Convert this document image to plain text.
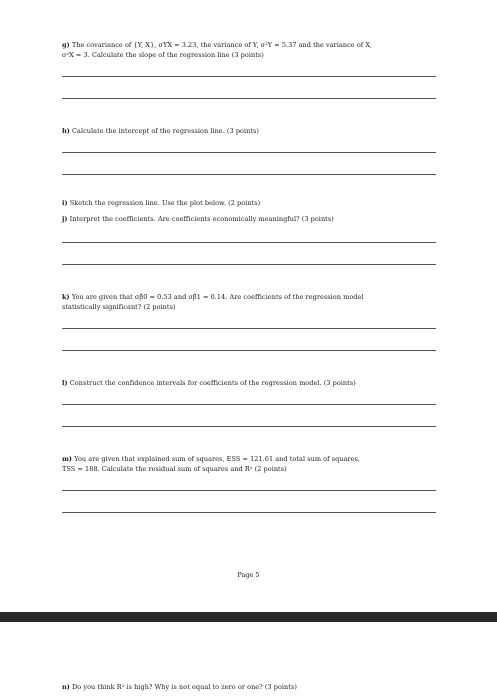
g) The covariance of {Y, X}, σYX = 3.23, the variance of Y, σ²Y = 5.37 and the variance of X,
σ²X = 3. Calculate the slope of the regression line (3 points)
h) Calculate the intercept of the regression line. (3 points)
i) Sketch the regression line. Use the plot below. (2 points)
j) Interpret the coefficients. Are coefficients economically meaningful? (3 points)
k) You are given that σβ̂0 = 0.53 and σβ̂1 = 0.14. Are coefficients of the regression model
statistically significant? (2 points)
l) Construct the confidence intervals for coefficients of the regression model. (3 points)
m) You are given that explained sum of squares, ESS = 121.61 and total sum of squares,
TSS = 188. Calculate the residual sum of squares and R² (2 points)
Page 5
n) Do you think R² is high? Why is not equal to zero or one? (3 points)
